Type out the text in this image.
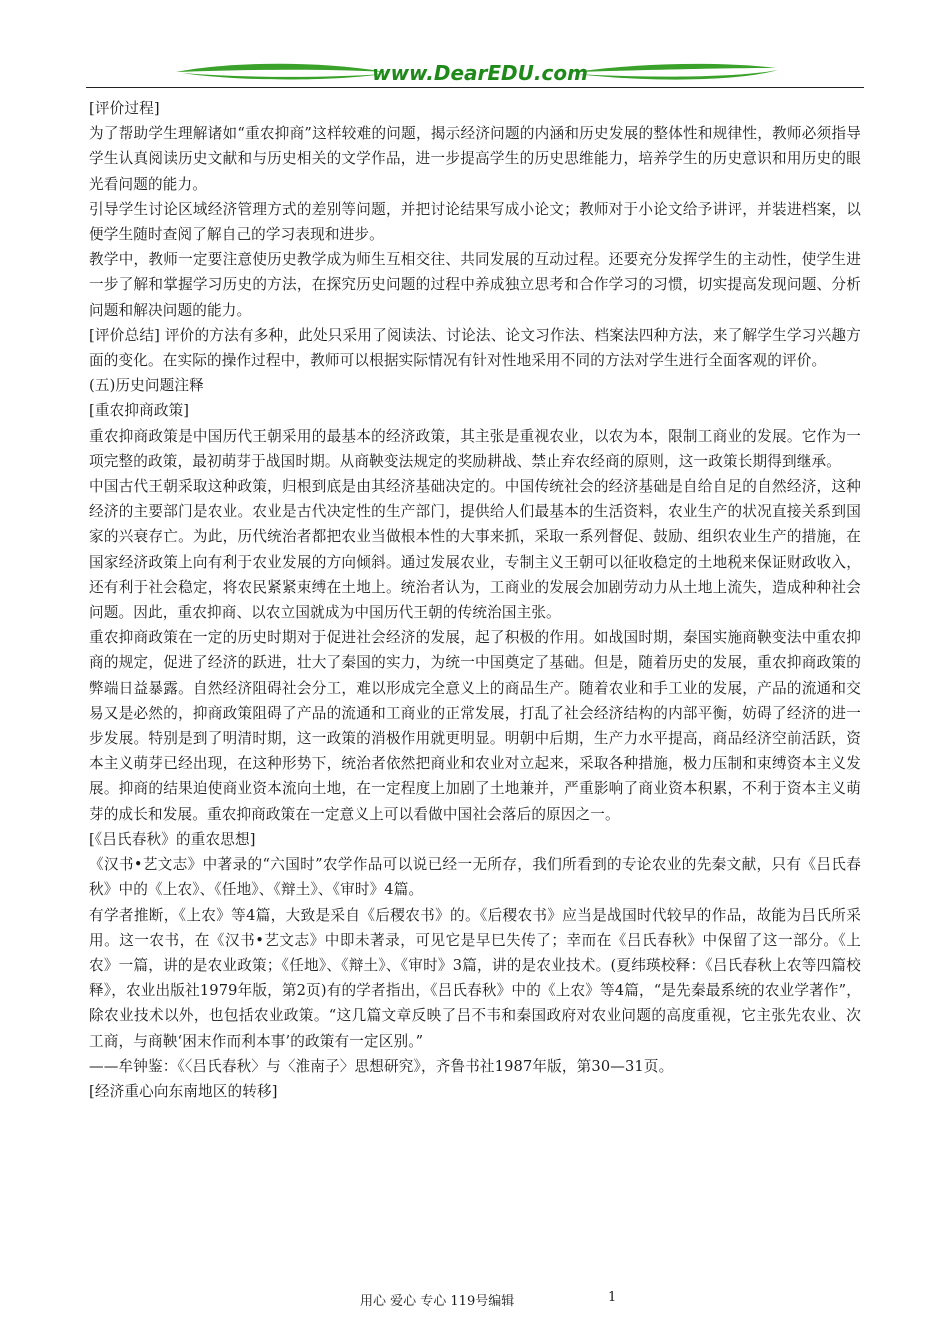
www.DearEDU.com

[评价过程]

为了帮助学生理解诸如“重农抑商”这样较难的问题，揭示经济问题的内涵和历史发展的整体性和规律性，教师必须指导学生认真阅读历史文献和与历史相关的文学作品，进一步提高学生的历史思维能力，培养学生的历史意识和用历史的眼光看问题的能力。

引导学生讨论区域经济管理方式的差别等问题，并把讨论结果写成小论文；教师对于小论文给予讲评，并装进档案，以便学生随时查阅了解自己的学习表现和进步。

教学中，教师一定要注意使历史教学成为师生互相交往、共同发展的互动过程。还要充分发挥学生的主动性，使学生进一步了解和掌握学习历史的方法，在探究历史问题的过程中养成独立思考和合作学习的习惯，切实提高发现问题、分析问题和解决问题的能力。

[评价总结] 评价的方法有多种，此处只采用了阅读法、讨论法、论文习作法、档案法四种方法，来了解学生学习兴趣方面的变化。在实际的操作过程中，教师可以根据实际情况有针对性地采用不同的方法对学生进行全面客观的评价。

(五)历史问题注释

[重农抑商政策]

重农抑商政策是中国历代王朝采用的最基本的经济政策，其主张是重视农业，以农为本，限制工商业的发展。它作为一项完整的政策，最初萌芽于战国时期。从商鞅变法规定的奖励耕战、禁止弃农经商的原则，这一政策长期得到继承。

中国古代王朝采取这种政策，归根到底是由其经济基础决定的。中国传统社会的经济基础是自给自足的自然经济，这种经济的主要部门是农业。农业是古代决定性的生产部门，提供给人们最基本的生活资料，农业生产的状况直接关系到国家的兴衰存亡。为此，历代统治者都把农业当做根本性的大事来抓，采取一系列督促、鼓励、组织农业生产的措施，在国家经济政策上向有利于农业发展的方向倾斜。通过发展农业，专制主义王朝可以征收稳定的土地税来保证财政收入，还有利于社会稳定，将农民紧紧束缚在土地上。统治者认为，工商业的发展会加剧劳动力从土地上流失，造成种种社会问题。因此，重农抑商、以农立国就成为中国历代王朝的传统治国主张。

重农抑商政策在一定的历史时期对于促进社会经济的发展，起了积极的作用。如战国时期，秦国实施商鞅变法中重农抑商的规定，促进了经济的跃进，壮大了秦国的实力，为统一中国奠定了基础。但是，随着历史的发展，重农抑商政策的弊端日益暴露。自然经济阻碍社会分工，难以形成完全意义上的商品生产。随着农业和手工业的发展，产品的流通和交易又是必然的，抑商政策阻碍了产品的流通和工商业的正常发展，打乱了社会经济结构的内部平衡，妨碍了经济的进一步发展。特别是到了明清时期，这一政策的消极作用就更明显。明朝中后期，生产力水平提高，商品经济空前活跃，资本主义萌芽已经出现，在这种形势下，统治者依然把商业和农业对立起来，采取各种措施，极力压制和束缚资本主义发展。抑商的结果迫使商业资本流向土地，在一定程度上加剧了土地兼并，严重影响了商业资本积累，不利于资本主义萌芽的成长和发展。重农抑商政策在一定意义上可以看做中国社会落后的原因之一。

[《吕氏春秋》的重农思想]

《汉书•艺文志》中著录的“六国时”农学作品可以说已经一无所存，我们所看到的专论农业的先秦文献，只有《吕氏春秋》中的《上农》、《任地》、《辩土》、《审时》4篇。

有学者推断，《上农》等4篇，大致是采自《后稷农书》的。《后稷农书》应当是战国时代较早的作品，故能为吕氏所采用。这一农书，在《汉书•艺文志》中即未著录，可见它是早巳失传了；幸而在《吕氏春秋》中保留了这一部分。《上农》一篇，讲的是农业政策；《任地》、《辩土》、《审时》3篇，讲的是农业技术。(夏纬瑛校释：《吕氏春秋上农等四篇校释》，农业出版社1979年版，第2页)有的学者指出，《吕氏春秋》中的《上农》等4篇，“是先秦最系统的农业学著作”，除农业技术以外，也包括农业政策。“这几篇文章反映了吕不韦和秦国政府对农业问题的高度重视，它主张先农业、次工商，与商鞅‘困末作而利本事’的政策有一定区别。”

——牟钟鉴：《〈吕氏春秋〉与〈淮南子〉思想研究》，齐鲁书社1987年版，第30—31页。

[经济重心向东南地区的转移]

用心 爱心 专心 119号编辑	1
